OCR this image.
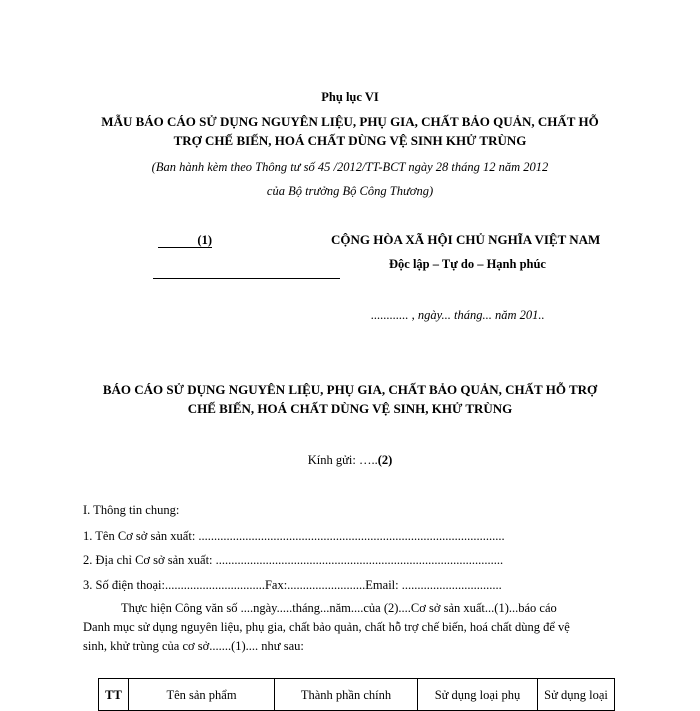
Phụ lục VI
MẪU BÁO CÁO SỬ DỤNG NGUYÊN LIỆU, PHỤ GIA, CHẤT BẢO QUẢN, CHẤT HỖ
TRỢ CHẾ BIẾN, HOÁ CHẤT DÙNG VỆ SINH KHỬ TRÙNG
(Ban hành kèm theo Thông tư số 45 /2012/TT-BCT ngày 28 tháng 12 năm 2012
của Bộ trưởng Bộ Công Thương)
(1)	CỘNG HÒA XÃ HỘI CHỦ NGHĨA VIỆT NAM
Độc lập – Tự do – Hạnh phúc
............ , ngày... tháng... năm 201..
BÁO CÁO SỬ DỤNG NGUYÊN LIỆU, PHỤ GIA, CHẤT BẢO QUẢN, CHẤT HỖ TRỢ
CHẾ BIẾN, HOÁ CHẤT DÙNG VỆ SINH, KHỬ TRÙNG
Kính gửi: …..(2)
I. Thông tin chung:
1. Tên Cơ sở sản xuất: ..................................................................................................
2. Địa chỉ Cơ sở sản xuất: ............................................................................................
3. Số điện thoại:................................Fax:.........................Email: ................................
Thực hiện Công văn số ....ngày.....tháng...năm....của (2)....Cơ sở sản xuất...(1)...báo cáo
Danh mục sử dụng nguyên liệu, phụ gia, chất bảo quản, chất hỗ trợ chế biến, hoá chất dùng để vệ
sinh, khử trùng của cơ sở.......(1).... như sau:
TT	Tên sản phẩm	Thành phần chính	Sử dụng loại phụ	Sử dụng loại
